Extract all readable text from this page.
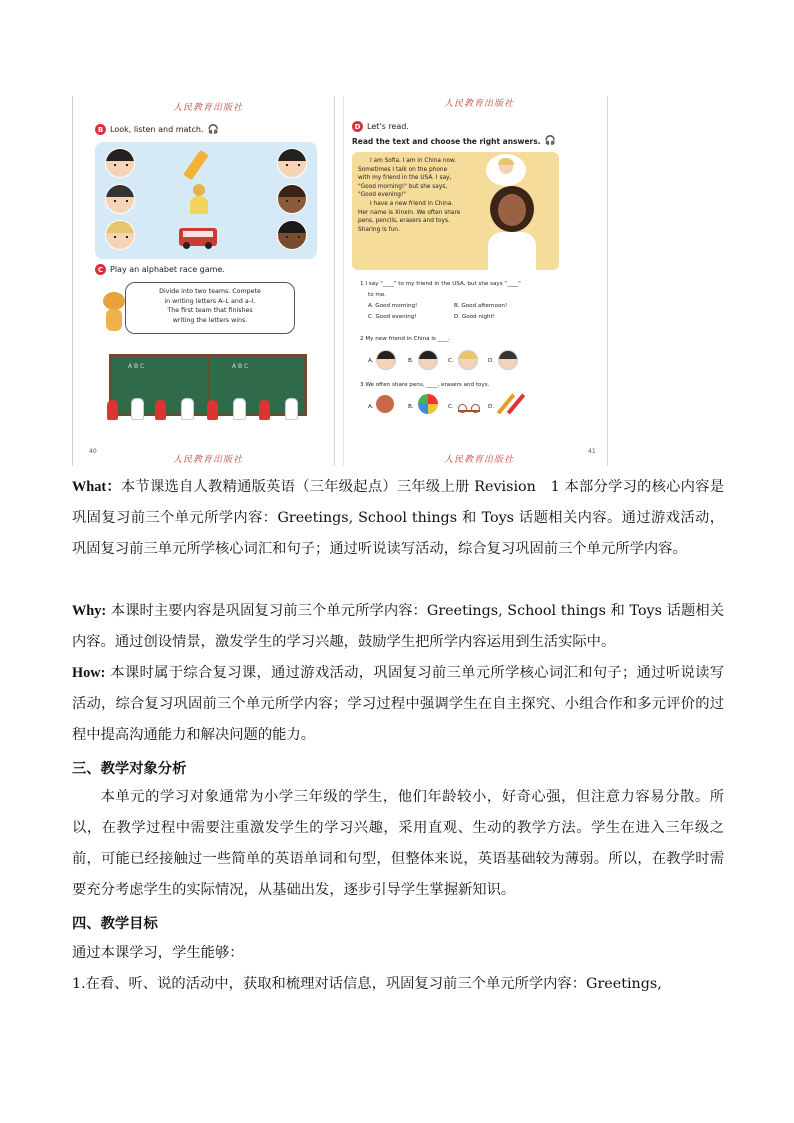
人民教育出版社
B Look, listen and match. 🎧
C Play an alphabet race game.
Divide into two teams. Compete
in writing letters A–L and a–l.
The first team that finishes
writing the letters wins.
A B C	A B C
40
人民教育出版社
人民教育出版社
D Let's read.
Read the text and choose the right answers. 🎧
I am Sofia. I am in China now.
Sometimes I talk on the phone
with my friend in the USA. I say,
"Good morning!" but she says,
"Good evening!"
I have a new friend in China.
Her name is Xinxin. We often share
pens, pencils, erasers and toys.
Sharing is fun.
1 I say "____" to my friend in the USA, but she says "____"
to me.
A. Good morning!	B. Good afternoon!
C. Good evening!	D. Good night!
2 My new friend in China is ____.
A.	B.	C.	D.
3 We often share pens, ____, erasers and toys.
A.	B.	C.	D.
人民教育出版社
41

What：本节课选自人教精通版英语（三年级起点）三年级上册 Revision　1 本部分学习的核心内容是巩固复习前三个单元所学内容：Greetings, School things 和 Toys 话题相关内容。通过游戏活动，巩固复习前三单元所学核心词汇和句子；通过听说读写活动，综合复习巩固前三个单元所学内容。

Why: 本课时主要内容是巩固复习前三个单元所学内容：Greetings, School things 和 Toys 话题相关内容。通过创设情景，激发学生的学习兴趣，鼓励学生把所学内容运用到生活实际中。

How: 本课时属于综合复习课，通过游戏活动，巩固复习前三单元所学核心词汇和句子；通过听说读写活动，综合复习巩固前三个单元所学内容；学习过程中强调学生在自主探究、小组合作和多元评价的过程中提高沟通能力和解决问题的能力。

三、教学对象分析

本单元的学习对象通常为小学三年级的学生，他们年龄较小，好奇心强，但注意力容易分散。所以，在教学过程中需要注重激发学生的学习兴趣，采用直观、生动的教学方法。学生在进入三年级之前，可能已经接触过一些简单的英语单词和句型，但整体来说，英语基础较为薄弱。所以，在教学时需要充分考虑学生的实际情况，从基础出发，逐步引导学生掌握新知识。

四、教学目标

通过本课学习，学生能够：

1.在看、听、说的活动中，获取和梳理对话信息，巩固复习前三个单元所学内容：Greetings,
